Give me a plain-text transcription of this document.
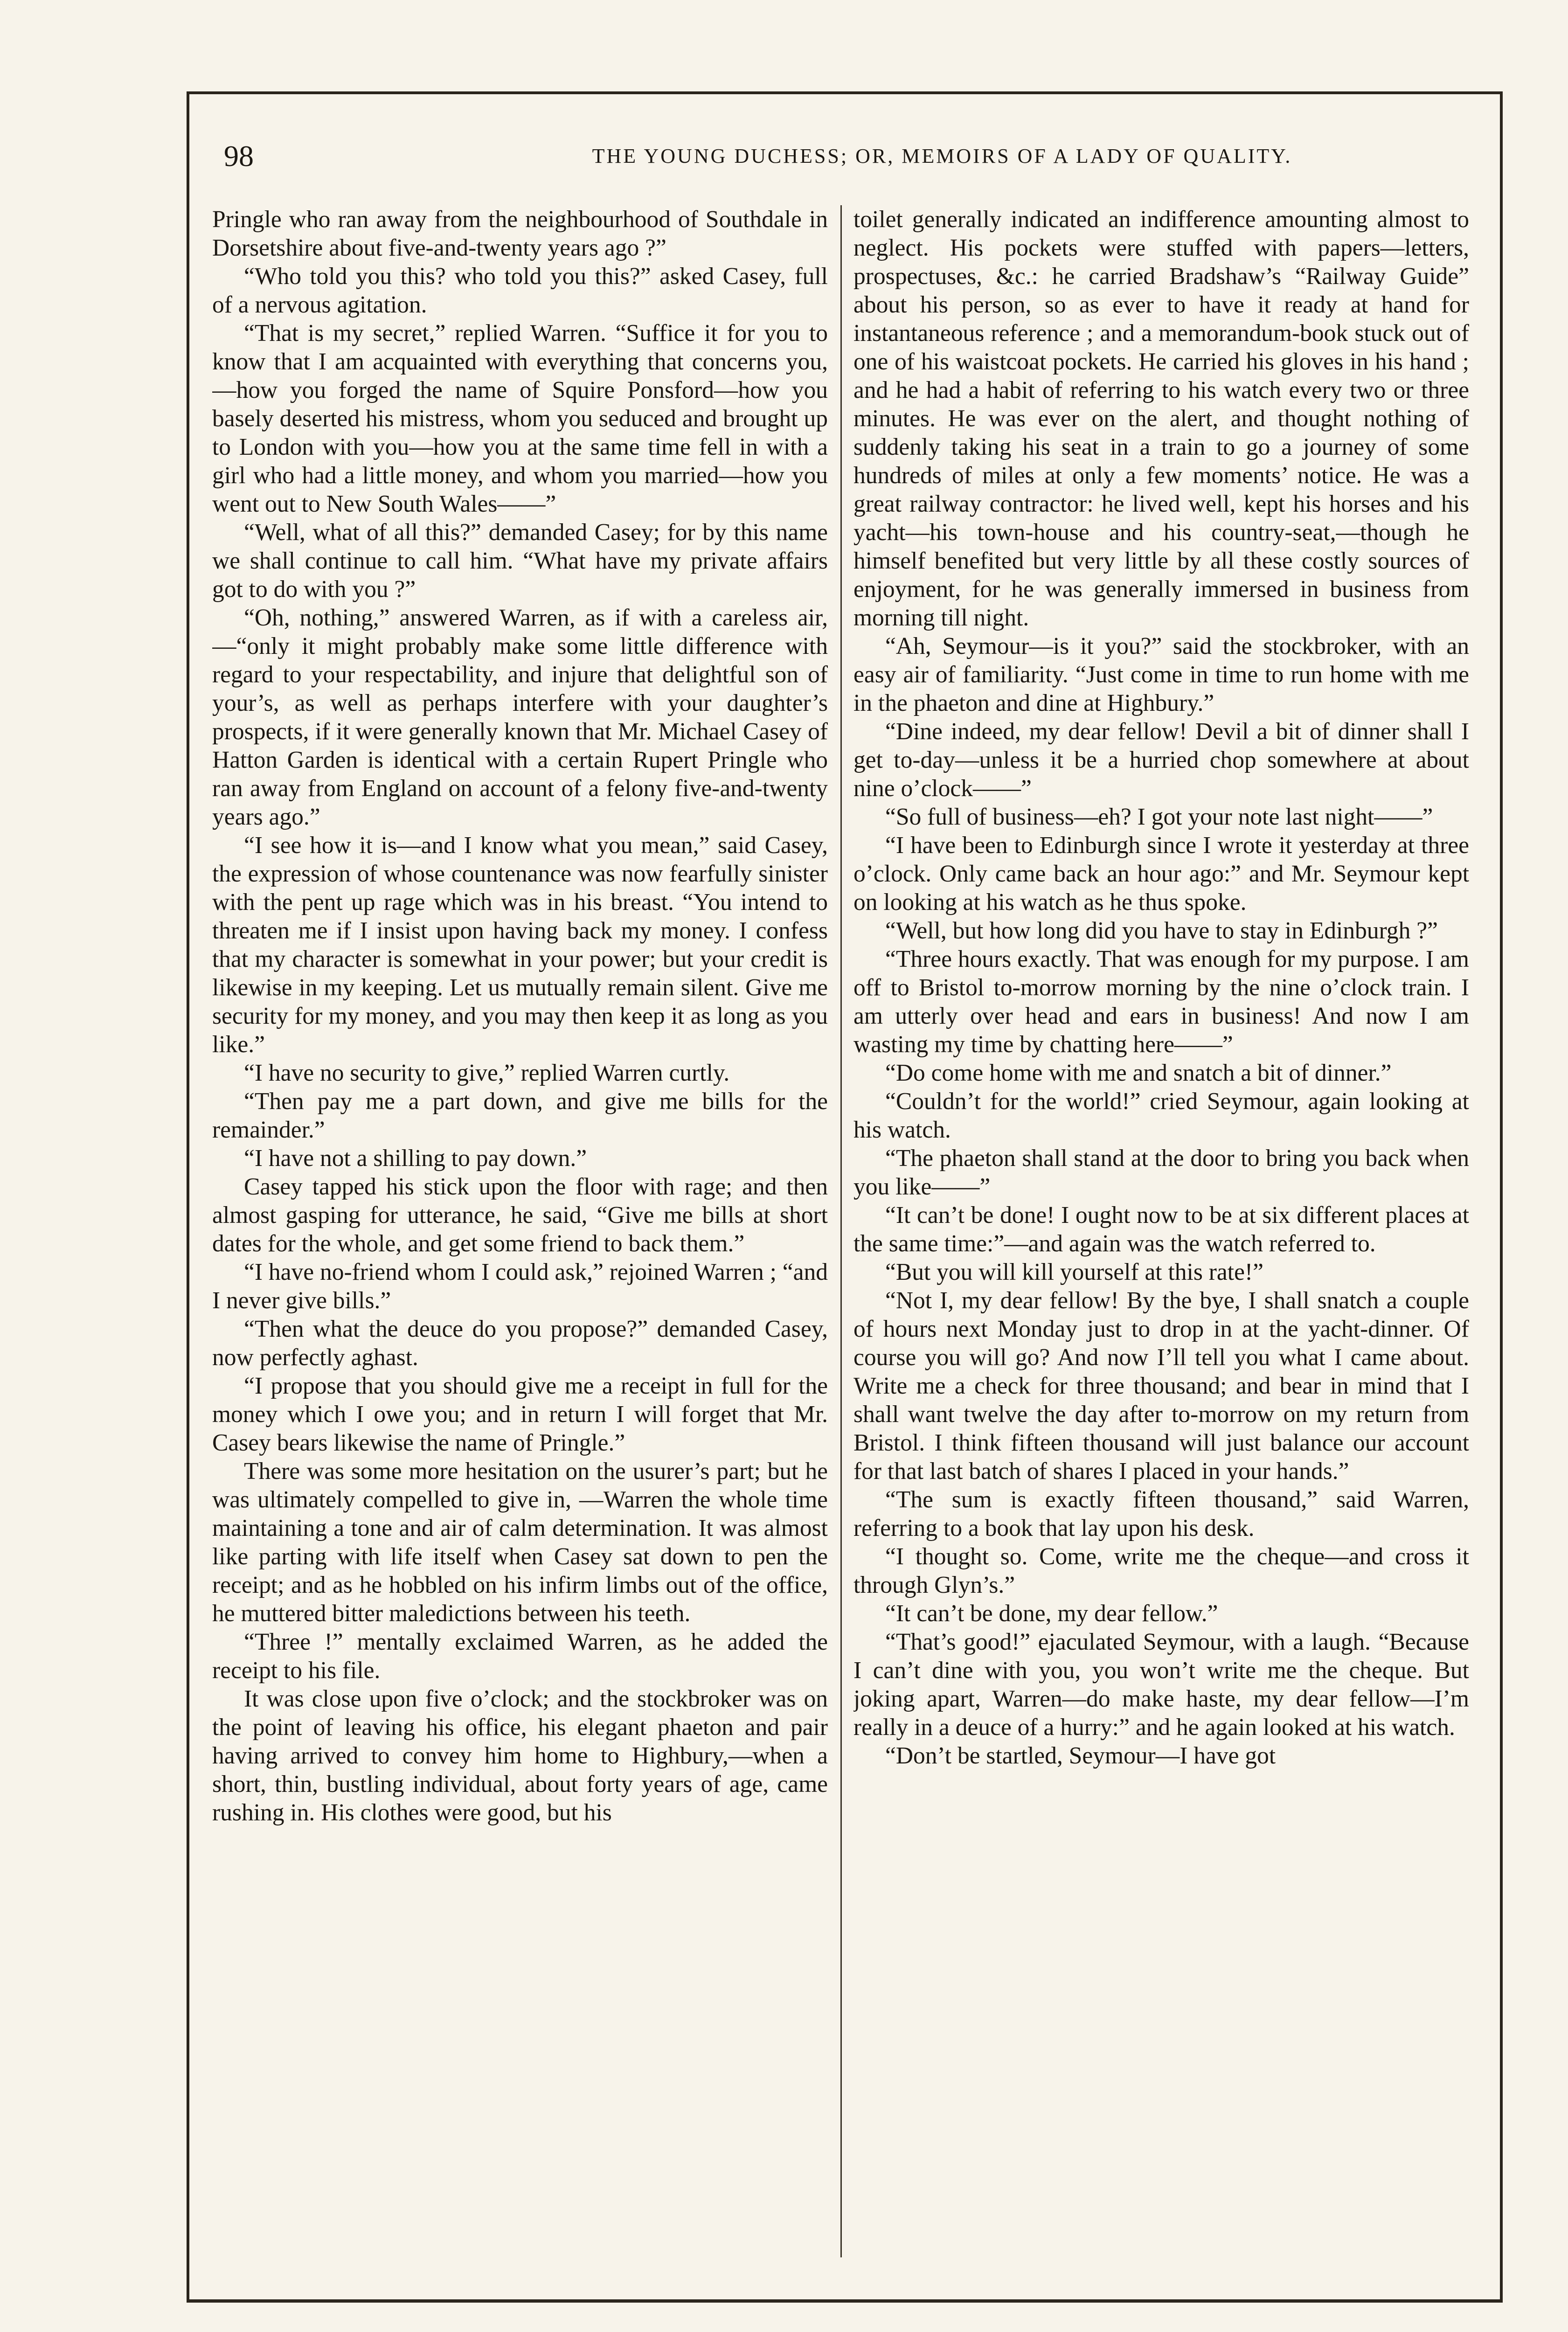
98	THE YOUNG DUCHESS; OR, MEMOIRS OF A LADY OF QUALITY.

Pringle who ran away from the neighbourhood of Southdale in Dorsetshire about five-and-twenty years ago ?”

“Who told you this? who told you this?” asked Casey, full of a nervous agitation.

“That is my secret,” replied Warren. “Suffice it for you to know that I am acquainted with everything that concerns you,—how you forged the name of Squire Ponsford—how you basely deserted his mistress, whom you seduced and brought up to London with you—how you at the same time fell in with a girl who had a little money, and whom you married—how you went out to New South Wales——”

“Well, what of all this?” demanded Casey; for by this name we shall continue to call him. “What have my private affairs got to do with you ?”

“Oh, nothing,” answered Warren, as if with a careless air,—“only it might probably make some little difference with regard to your respectability, and injure that delightful son of your’s, as well as perhaps interfere with your daughter’s prospects, if it were generally known that Mr. Michael Casey of Hatton Garden is identical with a certain Rupert Pringle who ran away from England on account of a felony five-and-twenty years ago.”

“I see how it is—and I know what you mean,” said Casey, the expression of whose countenance was now fearfully sinister with the pent up rage which was in his breast. “You intend to threaten me if I insist upon having back my money. I confess that my character is somewhat in your power; but your credit is likewise in my keeping. Let us mutually remain silent. Give me security for my money, and you may then keep it as long as you like.”

“I have no security to give,” replied Warren curtly.

“Then pay me a part down, and give me bills for the remainder.”

“I have not a shilling to pay down.”

Casey tapped his stick upon the floor with rage; and then almost gasping for utterance, he said, “Give me bills at short dates for the whole, and get some friend to back them.”

“I have no-friend whom I could ask,” rejoined Warren ; “and I never give bills.”

“Then what the deuce do you propose?” demanded Casey, now perfectly aghast.

“I propose that you should give me a receipt in full for the money which I owe you; and in return I will forget that Mr. Casey bears likewise the name of Pringle.”

There was some more hesitation on the usurer’s part; but he was ultimately compelled to give in, —Warren the whole time maintaining a tone and air of calm determination. It was almost like parting with life itself when Casey sat down to pen the receipt; and as he hobbled on his infirm limbs out of the office, he muttered bitter maledictions between his teeth.

“Three !” mentally exclaimed Warren, as he added the receipt to his file.

It was close upon five o’clock; and the stockbroker was on the point of leaving his office, his elegant phaeton and pair having arrived to convey him home to Highbury,—when a short, thin, bustling individual, about forty years of age, came rushing in. His clothes were good, but his

toilet generally indicated an indifference amounting almost to neglect. His pockets were stuffed with papers—letters, prospectuses, &c.: he carried Bradshaw’s “Railway Guide” about his person, so as ever to have it ready at hand for instantaneous reference ; and a memorandum-book stuck out of one of his waistcoat pockets. He carried his gloves in his hand ; and he had a habit of referring to his watch every two or three minutes. He was ever on the alert, and thought nothing of suddenly taking his seat in a train to go a journey of some hundreds of miles at only a few moments’ notice. He was a great railway contractor: he lived well, kept his horses and his yacht—his town-house and his country-seat,—though he himself benefited but very little by all these costly sources of enjoyment, for he was generally immersed in business from morning till night.

“Ah, Seymour—is it you?” said the stockbroker, with an easy air of familiarity. “Just come in time to run home with me in the phaeton and dine at Highbury.”

“Dine indeed, my dear fellow! Devil a bit of dinner shall I get to-day—unless it be a hurried chop somewhere at about nine o’clock——”

“So full of business—eh? I got your note last night——”

“I have been to Edinburgh since I wrote it yesterday at three o’clock. Only came back an hour ago:” and Mr. Seymour kept on looking at his watch as he thus spoke.

“Well, but how long did you have to stay in Edinburgh ?”

“Three hours exactly. That was enough for my purpose. I am off to Bristol to-morrow morning by the nine o’clock train. I am utterly over head and ears in business! And now I am wasting my time by chatting here——”

“Do come home with me and snatch a bit of dinner.”

“Couldn’t for the world!” cried Seymour, again looking at his watch.

“The phaeton shall stand at the door to bring you back when you like——”

“It can’t be done! I ought now to be at six different places at the same time:”—and again was the watch referred to.

“But you will kill yourself at this rate!”

“Not I, my dear fellow! By the bye, I shall snatch a couple of hours next Monday just to drop in at the yacht-dinner. Of course you will go? And now I’ll tell you what I came about. Write me a check for three thousand; and bear in mind that I shall want twelve the day after to-morrow on my return from Bristol. I think fifteen thousand will just balance our account for that last batch of shares I placed in your hands.”

“The sum is exactly fifteen thousand,” said Warren, referring to a book that lay upon his desk.

“I thought so. Come, write me the cheque—and cross it through Glyn’s.”

“It can’t be done, my dear fellow.”

“That’s good!” ejaculated Seymour, with a laugh. “Because I can’t dine with you, you won’t write me the cheque. But joking apart, Warren—do make haste, my dear fellow—I’m really in a deuce of a hurry:” and he again looked at his watch.

“Don’t be startled, Seymour—I have got
